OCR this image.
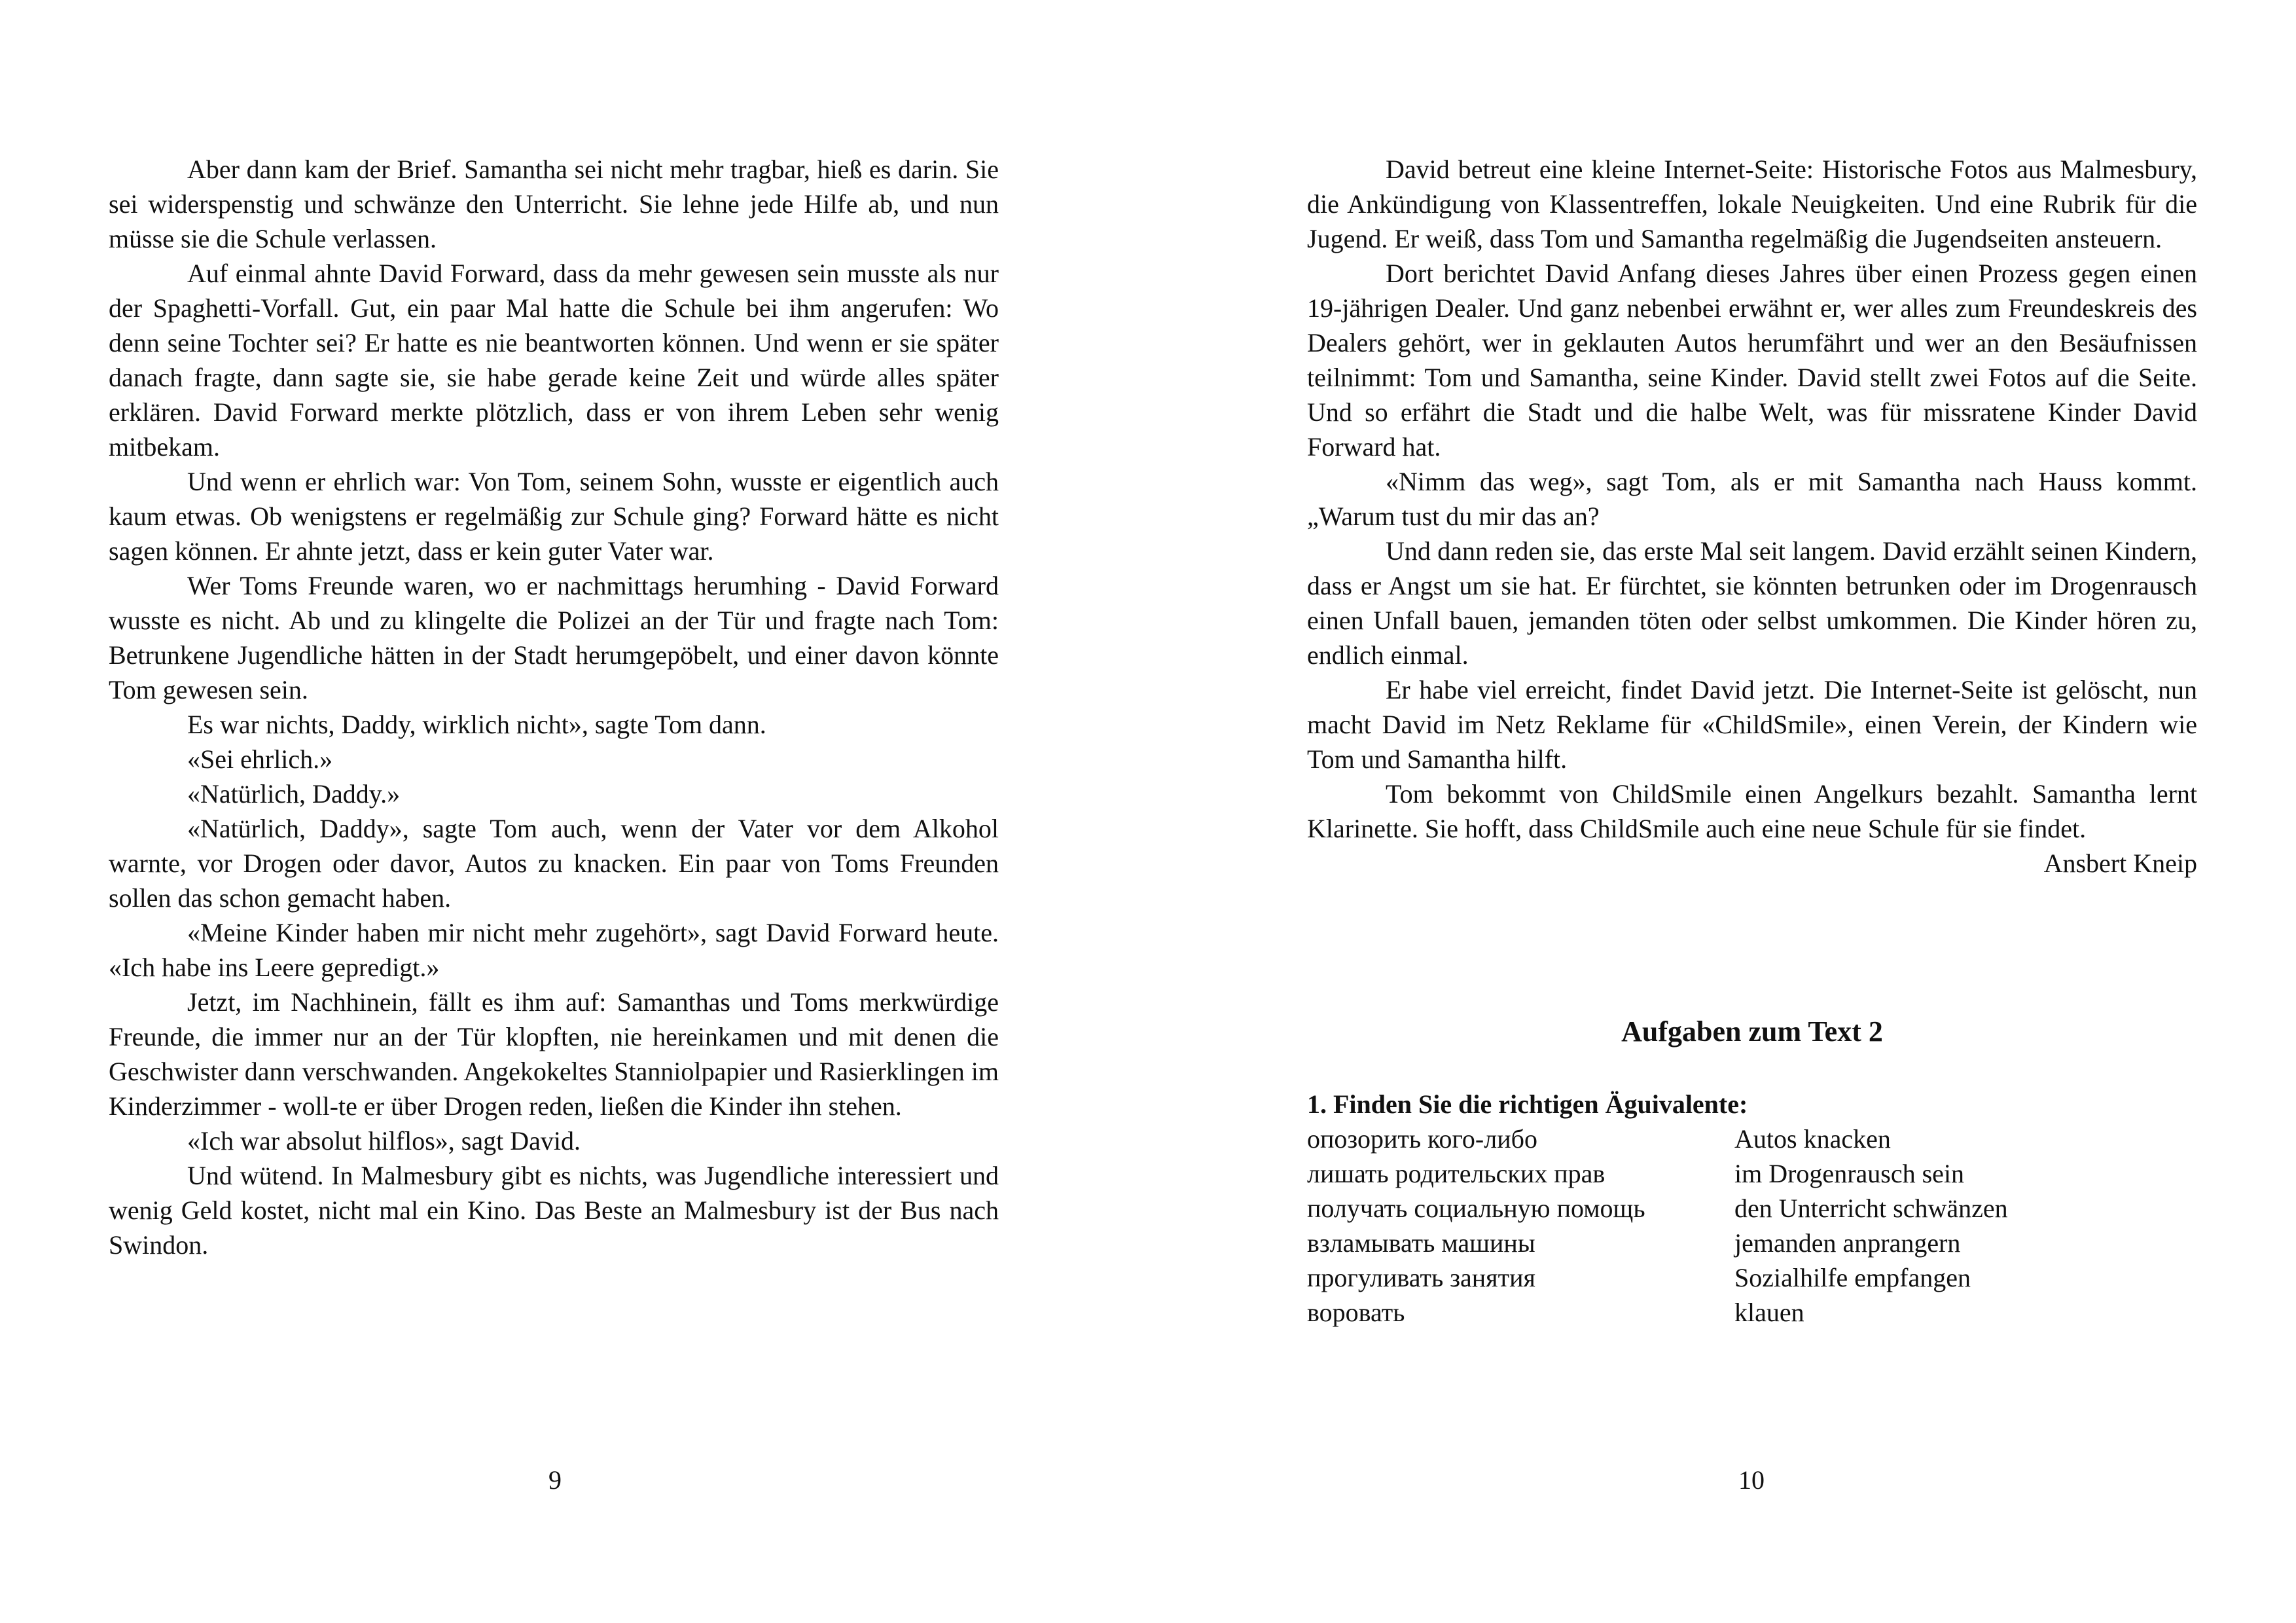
Aber dann kam der Brief. Samantha sei nicht mehr tragbar, hieß es darin. Sie sei widerspenstig und schwänze den Unterricht. Sie lehne jede Hilfe ab, und nun müsse sie die Schule verlassen.

Auf einmal ahnte David Forward, dass da mehr gewesen sein musste als nur der Spaghetti-Vorfall. Gut, ein paar Mal hatte die Schule bei ihm angerufen: Wo denn seine Tochter sei? Er hatte es nie beantworten können. Und wenn er sie später danach fragte, dann sagte sie, sie habe gerade keine Zeit und würde alles später erklären. David Forward merkte plötzlich, dass er von ihrem Leben sehr wenig mitbekam.

Und wenn er ehrlich war: Von Tom, seinem Sohn, wusste er eigentlich auch kaum etwas. Ob wenigstens er regelmäßig zur Schule ging? Forward hätte es nicht sagen können. Er ahnte jetzt, dass er kein guter Vater war.

Wer Toms Freunde waren, wo er nachmittags herumhing - David Forward wusste es nicht. Ab und zu klingelte die Polizei an der Tür und fragte nach Tom: Betrunkene Jugendliche hätten in der Stadt herumgepöbelt, und einer davon könnte Tom gewesen sein.

Es war nichts, Daddy, wirklich nicht», sagte Tom dann.

«Sei ehrlich.»

«Natürlich, Daddy.»

«Natürlich, Daddy», sagte Tom auch, wenn der Vater vor dem Alkohol warnte, vor Drogen oder davor, Autos zu knacken. Ein paar von Toms Freunden sollen das schon gemacht haben.

«Meine Kinder haben mir nicht mehr zugehört», sagt David Forward heute. «Ich habe ins Leere gepredigt.»

Jetzt, im Nachhinein, fällt es ihm auf: Samanthas und Toms merkwürdige Freunde, die immer nur an der Tür klopften, nie hereinkamen und mit denen die Geschwister dann verschwanden. Angekokeltes Stanniolpapier und Rasierklingen im Kinderzimmer - woll-te er über Drogen reden, ließen die Kinder ihn stehen.

«Ich war absolut hilflos», sagt David.

Und wütend. In Malmesbury gibt es nichts, was Jugendliche interessiert und wenig Geld kostet, nicht mal ein Kino. Das Beste an Malmesbury ist der Bus nach Swindon.

9

David betreut eine kleine Internet-Seite: Historische Fotos aus Malmesbury, die Ankündigung von Klassentreffen, lokale Neuigkeiten. Und eine Rubrik für die Jugend. Er weiß, dass Tom und Samantha regelmäßig die Jugendseiten ansteuern.

Dort berichtet David Anfang dieses Jahres über einen Prozess gegen einen 19-jährigen Dealer. Und ganz nebenbei erwähnt er, wer alles zum Freundeskreis des Dealers gehört, wer in geklauten Autos herumfährt und wer an den Besäufnissen teilnimmt: Tom und Samantha, seine Kinder. David stellt zwei Fotos auf die Seite. Und so erfährt die Stadt und die halbe Welt, was für missratene Kinder David Forward hat.

«Nimm das weg», sagt Tom, als er mit Samantha nach Hauss kommt. „Warum tust du mir das an?

Und dann reden sie, das erste Mal seit langem. David erzählt seinen Kindern, dass er Angst um sie hat. Er fürchtet, sie könnten betrunken oder im Drogenrausch einen Unfall bauen, jemanden töten oder selbst umkommen. Die Kinder hören zu, endlich einmal.

Er habe viel erreicht, findet David jetzt. Die Internet-Seite ist gelöscht, nun macht David im Netz Reklame für «ChildSmile», einen Verein, der Kindern wie Tom und Samantha hilft.

Tom bekommt von ChildSmile einen Angelkurs bezahlt. Samantha lernt Klarinette. Sie hofft, dass ChildSmile auch eine neue Schule für sie findet.

Ansbert Kneip

Aufgaben zum Text 2

1. Finden Sie die richtigen Äguivalente:

опозорить кого-либо	Autos knacken
лишать родительских прав	im Drogenrausch sein
получать социальную помощь	den Unterricht schwänzen
взламывать машины	jemanden anprangern
прогуливать занятия	Sozialhilfe empfangen
воровать	klauen
10
